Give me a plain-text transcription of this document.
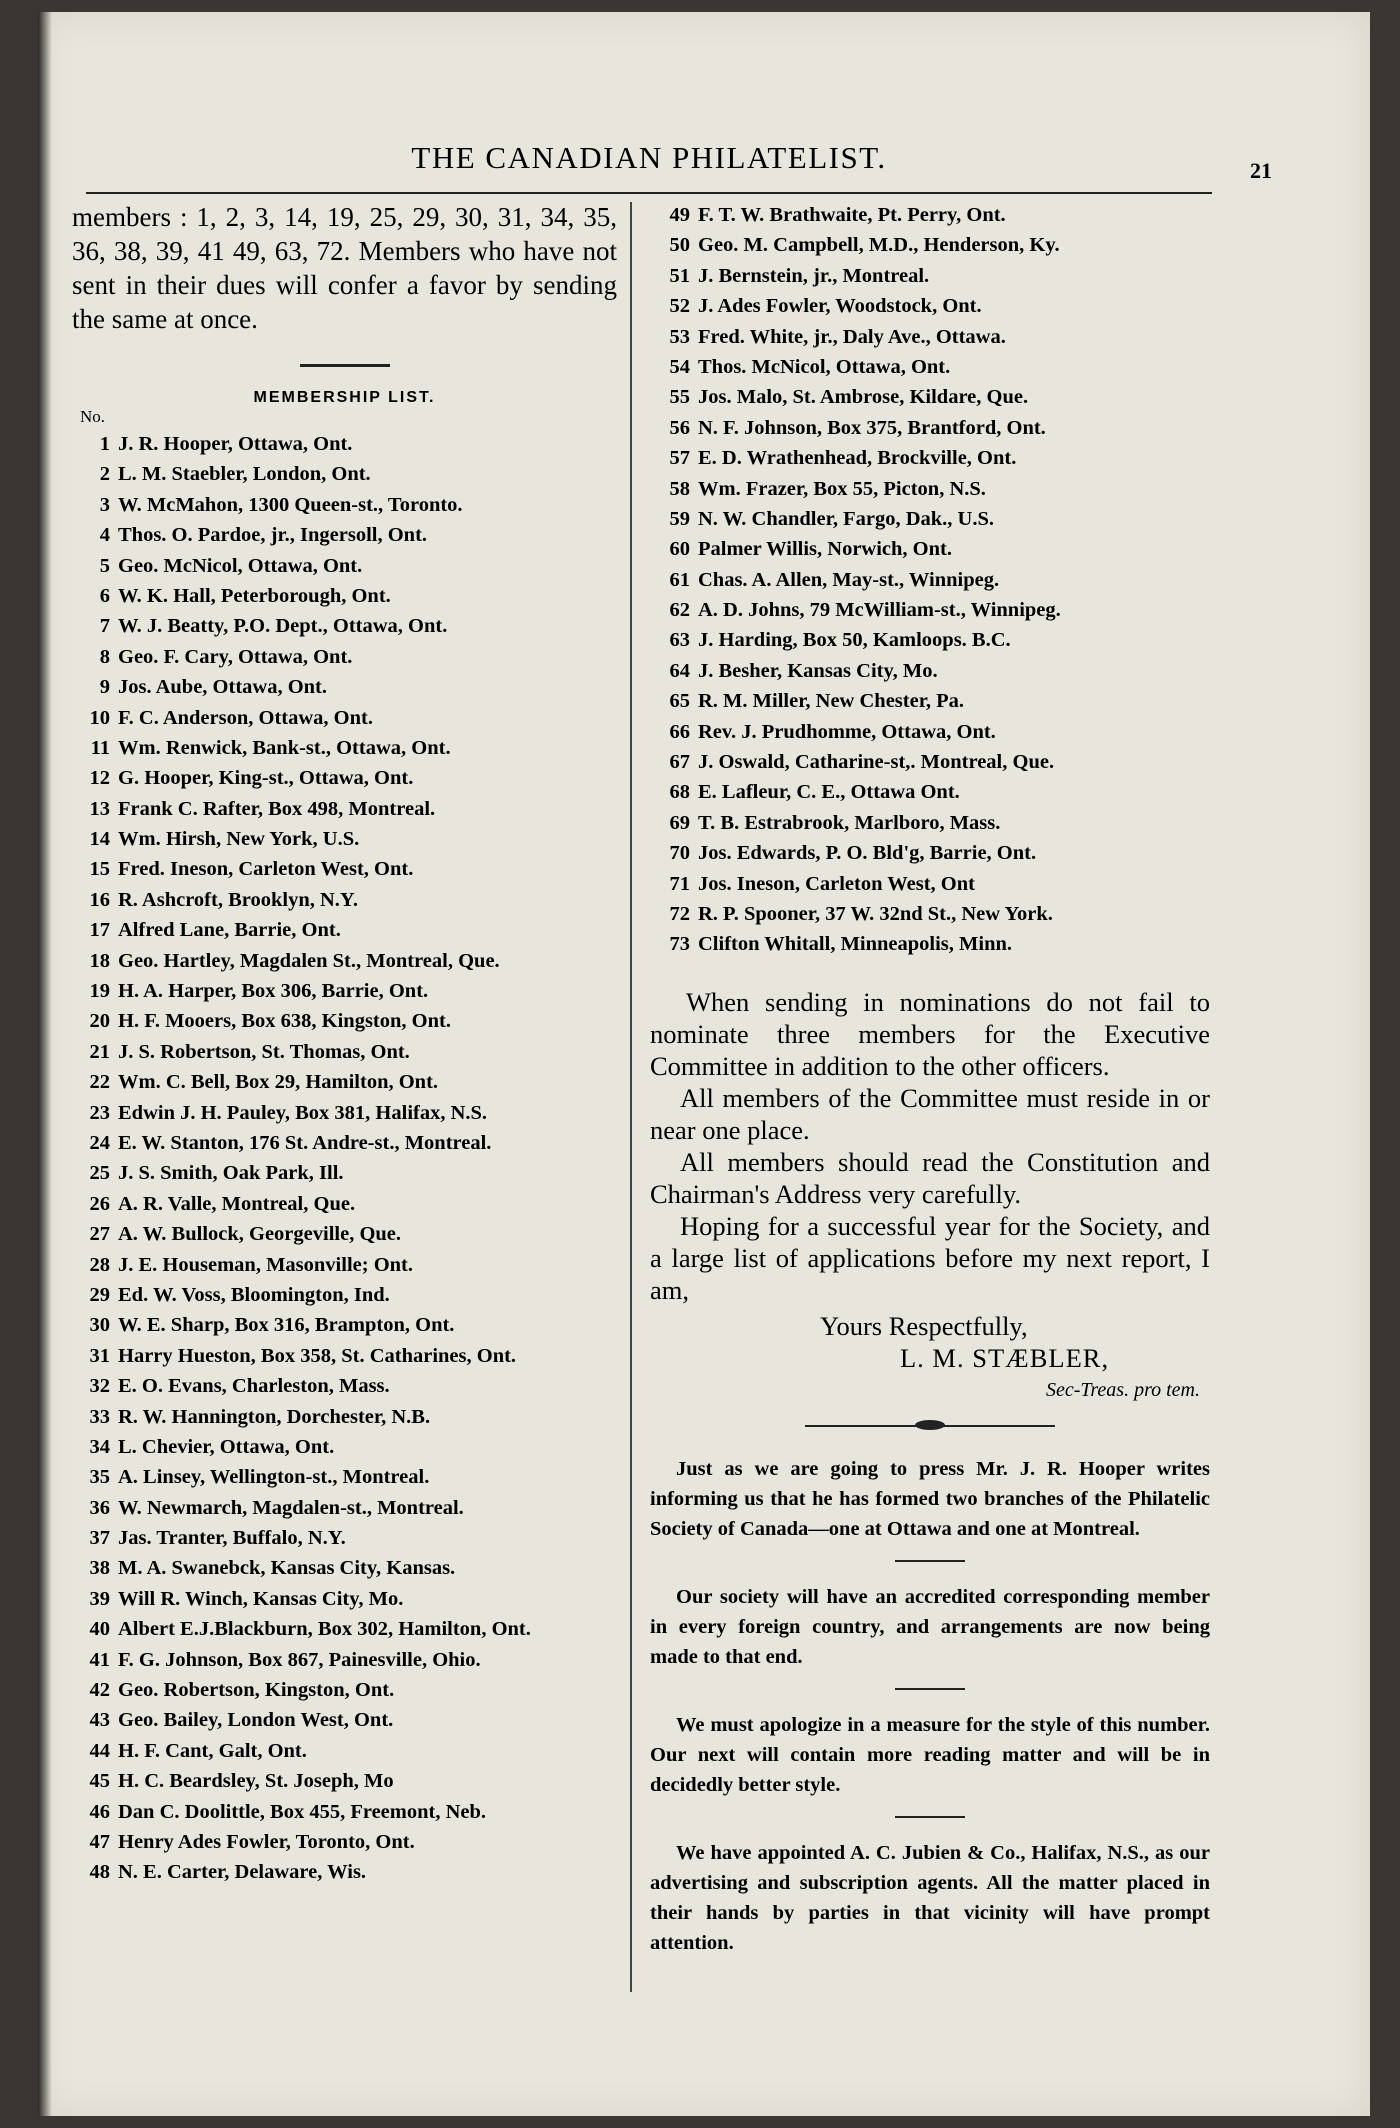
THE CANADIAN PHILATELIST.	21

members : 1, 2, 3, 14, 19, 25, 29, 30, 31, 34, 35, 36, 38, 39, 41 49, 63, 72. Members who have not sent in their dues will confer a favor by sending the same at once.

No.
MEMBERSHIP LIST.
1 J. R. Hooper, Ottawa, Ont.
2 L. M. Staebler, London, Ont.
3 W. McMahon, 1300 Queen-st., Toronto.
4 Thos. O. Pardoe, jr., Ingersoll, Ont.
5 Geo. McNicol, Ottawa, Ont.
6 W. K. Hall, Peterborough, Ont.
7 W. J. Beatty, P.O. Dept., Ottawa, Ont.
8 Geo. F. Cary, Ottawa, Ont.
9 Jos. Aube, Ottawa, Ont.
10 F. C. Anderson, Ottawa, Ont.
11 Wm. Renwick, Bank-st., Ottawa, Ont.
12 G. Hooper, King-st., Ottawa, Ont.
13 Frank C. Rafter, Box 498, Montreal.
14 Wm. Hirsh, New York, U.S.
15 Fred. Ineson, Carleton West, Ont.
16 R. Ashcroft, Brooklyn, N.Y.
17 Alfred Lane, Barrie, Ont.
18 Geo. Hartley, Magdalen St., Montreal, Que.
19 H. A. Harper, Box 306, Barrie, Ont.
20 H. F. Mooers, Box 638, Kingston, Ont.
21 J. S. Robertson, St. Thomas, Ont.
22 Wm. C. Bell, Box 29, Hamilton, Ont.
23 Edwin J. H. Pauley, Box 381, Halifax, N.S.
24 E. W. Stanton, 176 St. Andre-st., Montreal.
25 J. S. Smith, Oak Park, Ill.
26 A. R. Valle, Montreal, Que.
27 A. W. Bullock, Georgeville, Que.
28 J. E. Houseman, Masonville; Ont.
29 Ed. W. Voss, Bloomington, Ind.
30 W. E. Sharp, Box 316, Brampton, Ont.
31 Harry Hueston, Box 358, St. Catharines, Ont.
32 E. O. Evans, Charleston, Mass.
33 R. W. Hannington, Dorchester, N.B.
34 L. Chevier, Ottawa, Ont.
35 A. Linsey, Wellington-st., Montreal.
36 W. Newmarch, Magdalen-st., Montreal.
37 Jas. Tranter, Buffalo, N.Y.
38 M. A. Swanebck, Kansas City, Kansas.
39 Will R. Winch, Kansas City, Mo.
40 Albert E.J.Blackburn, Box 302, Hamilton, Ont.
41 F. G. Johnson, Box 867, Painesville, Ohio.
42 Geo. Robertson, Kingston, Ont.
43 Geo. Bailey, London West, Ont.
44 H. F. Cant, Galt, Ont.
45 H. C. Beardsley, St. Joseph, Mo
46 Dan C. Doolittle, Box 455, Freemont, Neb.
47 Henry Ades Fowler, Toronto, Ont.
48 N. E. Carter, Delaware, Wis.
49 F. T. W. Brathwaite, Pt. Perry, Ont.
50 Geo. M. Campbell, M.D., Henderson, Ky.
51 J. Bernstein, jr., Montreal.
52 J. Ades Fowler, Woodstock, Ont.
53 Fred. White, jr., Daly Ave., Ottawa.
54 Thos. McNicol, Ottawa, Ont.
55 Jos. Malo, St. Ambrose, Kildare, Que.
56 N. F. Johnson, Box 375, Brantford, Ont.
57 E. D. Wrathenhead, Brockville, Ont.
58 Wm. Frazer, Box 55, Picton, N.S.
59 N. W. Chandler, Fargo, Dak., U.S.
60 Palmer Willis, Norwich, Ont.
61 Chas. A. Allen, May-st., Winnipeg.
62 A. D. Johns, 79 McWilliam-st., Winnipeg.
63 J. Harding, Box 50, Kamloops. B.C.
64 J. Besher, Kansas City, Mo.
65 R. M. Miller, New Chester, Pa.
66 Rev. J. Prudhomme, Ottawa, Ont.
67 J. Oswald, Catharine-st,. Montreal, Que.
68 E. Lafleur, C. E., Ottawa Ont.
69 T. B. Estrabrook, Marlboro, Mass.
70 Jos. Edwards, P. O. Bld'g, Barrie, Ont.
71 Jos. Ineson, Carleton West, Ont
72 R. P. Spooner, 37 W. 32nd St., New York.
73 Clifton Whitall, Minneapolis, Minn.

When sending in nominations do not fail to nominate three members for the Executive Committee in addition to the other officers.

All members of the Committee must reside in or near one place.

All members should read the Constitution and Chairman's Address very carefully.

Hoping for a successful year for the Society, and a large list of applications before my next report, I am,

Yours Respectfully,
L. M. STÆBLER,
Sec-Treas. pro tem.

Just as we are going to press Mr. J. R. Hooper writes informing us that he has formed two branches of the Philatelic Society of Canada—one at Ottawa and one at Montreal.

Our society will have an accredited corresponding member in every foreign country, and arrangements are now being made to that end.

We must apologize in a measure for the style of this number. Our next will contain more reading matter and will be in decidedly better style.

We have appointed A. C. Jubien & Co., Halifax, N.S., as our advertising and subscription agents. All the matter placed in their hands by parties in that vicinity will have prompt attention.
